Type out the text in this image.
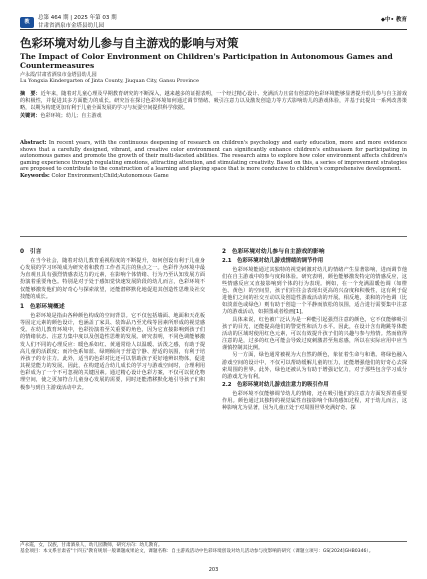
教
总第 464 期 | 2025 年第 03 期
甘肃省酒泉市金塔县幼儿园
◆中• 教育
色彩环境对幼儿参与自主游戏的影响与对策
The Impact of Color Environment on Children's Participation in Autonomous Games and Countermeasures
卢永霞/甘肃省酒泉市金塔县幼儿园
Lu Yongxia Kindergarten of Jinta County, Jiuquan City, Gansu Province

摘　要：近年来，随着对儿童心理及早期教育研究的不断深入，越来越多的证据表明，一个经过精心设计、充满活力且富有创意的色彩环境能够显著提升幼儿参与自主游戏的积极性，并促进其多方面能力的成长。研究旨在探讨色彩环境如何通过调节情绪、吸引注意力以及激发创造力等方式影响幼儿的游戏体验，并基于此提出一系列改善策略，以期为构建更加有利于儿童全面发展的学习与玩耍空间提供科学依据。

关键词：色彩环境；幼儿；自主游戏

Abstract: In recent years, with the continuous deepening of research on children's psychology and early education, more and more evidence shows that a carefully designed, vibrant, and creative color environment can significantly enhance children's enthusiasm for participating in autonomous games and promote the growth of their multi-faceted abilities. The research aims to explore how color environment affects children's gaming experience through regulating emotions, attracting attention, and stimulating creativity. Based on this, a series of improvement strategies are proposed to contribute to the construction of a learning and playing space that is more conducive to children's comprehensive development.

Keywords: Color Environment;Child;Autonomous Game

0　引言

在当今社会，随着对幼儿教育重视程度的不断提升，如何创设有利于儿童身心发展的学习环境成为研究者和教育工作者关注的焦点之一。色彩作为环境中最为直观且具有强烈情感表达力的元素，在影响个体情绪、行为乃至认知发展方面扮演着重要角色。特别是对于处于感知觉快速发展阶段的幼儿而言，色彩环境不仅能够激发他们的好奇心与探索欲望，还能潜移默化地促进其创造性思维及社交技能的成长。

1　色彩环境概述

色彩环境是指由各种颜色构成的空间背景。它不仅包括墙面、地面和天花板等固定元素的颜色设计，也涵盖了家具、装饰品乃至光线等因素所形成的视觉感受。在幼儿教育环境中，色彩扮演着至关重要的角色，因为它直接影响到孩子们的情绪状态、注意力集中度以及创造性思维的发展。研究表明，不同色调能够激发人们不同的心理反应：暖色系如红、黄通常给人以温暖、活泼之感，有助于提高儿童的活跃度；而冷色系如蓝、绿则倾向于营造宁静、舒适的氛围，有利于培养孩子的专注力。此外，适当的色彩对比还可以帮助孩子更好地辨识物体，促进其视觉能力的发展。因此，在构建适合幼儿成长的学习与游戏空间时，合理利用色彩成为了一个不可忽视的关键因素。通过精心设计色彩方案，不仅可以优化物理空间，使之更加符合儿童身心发展的需要，同时还能潜移默化地引导孩子们积极参与到自主游戏活动中去。

2　色彩环境对幼儿参与自主游戏的影响
2.1　色彩环境对幼儿游戏情绪的调节作用

色彩环境能通过其独特的视觉刺激对幼儿的情绪产生显著影响，进而调节他们在自主游戏中的参与度和体验。研究表明，颜色能够激发特定的情感反应，这些情感反应又直接影响到个体的行为表现。例如，在一个充满温暖色调（如橙色、黄色）的空间里，孩子们往往会表现出更高的兴奋度和积极性，这有利于促进他们之间的社交互动以及创造性游戏活动的开展。相反地，柔和的冷色调（比如淡蓝色或绿色）则有助于创造一个平静而放松的氛围，适合进行需要集中注意力的游戏活动，如拼图或者绘画[1]。

具体来说，红色被广泛认为是一种能引起强烈注意的颜色，它不仅能够吸引孩子的目光，还能提高他们的警觉性和活力水平。因此，在设计含有跑跳等体能活动的区域时使用红色元素，可以有效提升孩子们的兴趣与参与热情。然而值得注意的是，过多的红色可能会导致过度刺激甚至焦虑感，所以在实际应用中应当谨慎控制其比例。

另一方面，绿色通常被视为大自然的颜色，象征着生命与和谐。将绿色融入游戏空间的设计中，不仅可以帮助缓解儿童的压力，还能增强他们的好奇心去探索周围的世界。此外，绿色还被认为有助于增强记忆力，对于那些包含学习成分的游戏尤为有利。

2.2　色彩环境对幼儿游戏注意力的吸引作用

色彩环境不仅能够调节幼儿的情绪，还在吸引他们的注意力方面发挥着重要作用。颜色通过其独特的视觉属性直接影响个体的感知过程，对于幼儿而言，这种影响尤为显著，因为儿童正处于对周围世界充满好奇、探

卢永霞，女，汉族，甘肃酒泉人，幼儿园教师，研究方向：幼儿教育。

基金项目：本文系甘肃省"十四五"教育规划一般课题成果论文，课题名称：自主游戏活动中色彩环境创设对幼儿活动参与度影响的研究（课题立项号：GS[2024]GHB0346）。

203
